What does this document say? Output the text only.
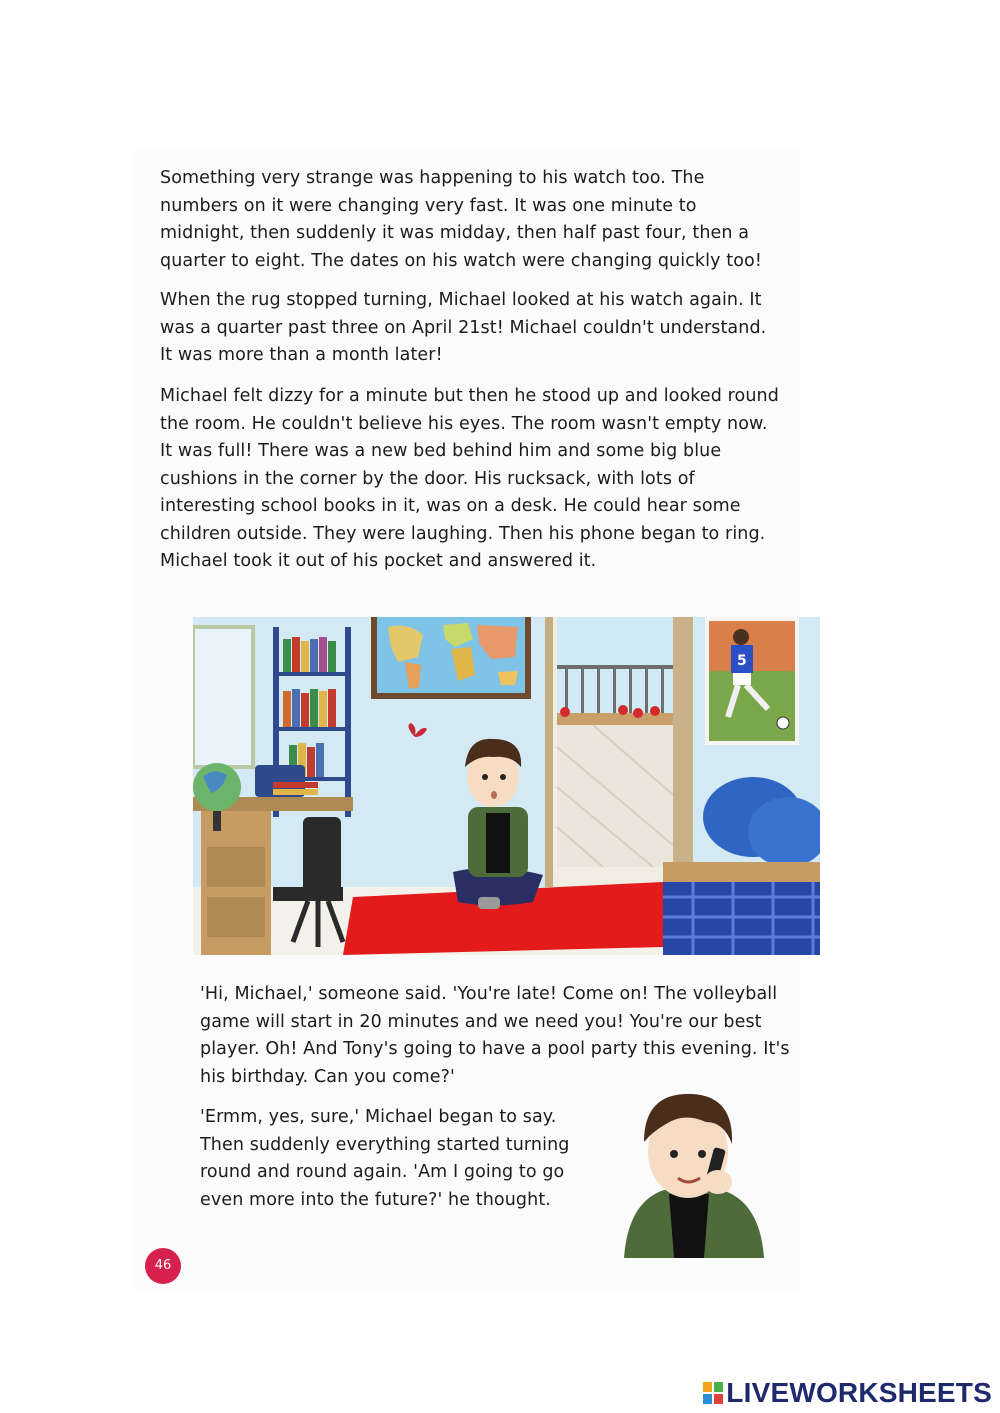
Something very strange was happening to his watch too. The numbers on it were changing very fast. It was one minute to midnight, then suddenly it was midday, then half past four, then a quarter to eight. The dates on his watch were changing quickly too!

When the rug stopped turning, Michael looked at his watch again. It was a quarter past three on April 21st! Michael couldn't understand. It was more than a month later!

Michael felt dizzy for a minute but then he stood up and looked round the room. He couldn't believe his eyes. The room wasn't empty now. It was full! There was a new bed behind him and some big blue cushions in the corner by the door. His rucksack, with lots of interesting school books in it, was on a desk. He could hear some children outside. They were laughing. Then his phone began to ring. Michael took it out of his pocket and answered it.

5

'Hi, Michael,' someone said. 'You're late! Come on! The volleyball game will start in 20 minutes and we need you! You're our best player. Oh! And Tony's going to have a pool party this evening. It's his birthday. Can you come?'

'Ermm, yes, sure,' Michael began to say. Then suddenly everything started turning round and round again. 'Am I going to go even more into the future?' he thought.

46
LIVEWORKSHEETS
